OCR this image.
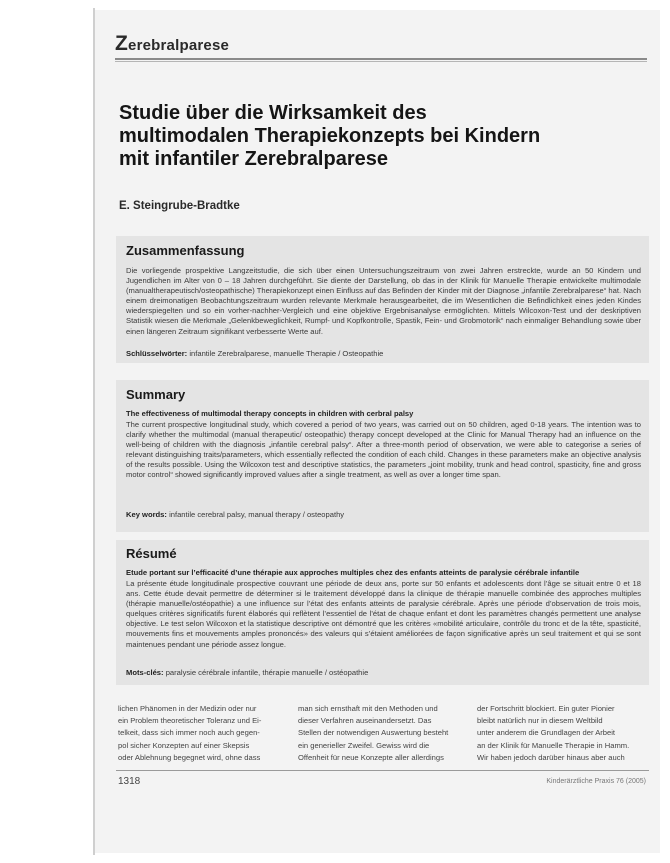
Zerebralparese
Studie über die Wirksamkeit des
multimodalen Therapiekonzepts bei Kindern
mit infantiler Zerebralparese
E. Steingrube-Bradtke
Zusammenfassung
Die vorliegende prospektive Langzeitstudie, die sich über einen Untersuchungszeitraum von zwei Jahren erstreckte, wurde an 50 Kindern und Jugendlichen im Alter von 0 – 18 Jahren durchgeführt. Sie diente der Darstellung, ob das in der Klinik für Manuelle Therapie entwickelte multimodale (manualtherapeutisch/osteopathische) Therapiekonzept einen Einfluss auf das Befinden der Kinder mit der Diagnose „infantile Zerebralparese“ hat. Nach einem dreimonatigen Beobachtungszeitraum wurden relevante Merkmale herausgearbeitet, die im Wesentlichen die Befindlichkeit eines jeden Kindes wiederspiegelten und so ein vorher-nachher-Vergleich und eine objektive Ergebnisanalyse ermöglichten. Mittels Wilcoxon-Test und der deskriptiven Statistik wiesen die Merkmale „Gelenkbeweglichkeit, Rumpf- und Kopfkontrolle, Spastik, Fein- und Grobmotorik“ nach einmaliger Behandlung sowie über einen längeren Zeitraum signifikant verbesserte Werte auf.
Schlüsselwörter: infantile Zerebralparese, manuelle Therapie / Osteopathie
Summary
The effectiveness of multimodal therapy concepts in children with cerbral palsy
The current prospective longitudinal study, which covered a period of two years, was carried out on 50 children, aged 0-18 years. The intention was to clarify whether the multimodal (manual therapeutic/ osteopathic) therapy concept developed at the Clinic for Manual Therapy had an influence on the well-being of children with the diagnosis „infantile cerebral palsy“. After a three-month period of observation, we were able to categorise a series of relevant distinguishing traits/parameters, which essentially reflected the condition of each child. Changes in these parameters make an objective analysis of the results possible. Using the Wilcoxon test and descriptive statistics, the parameters „joint mobility, trunk and head control, spasticity, fine and gross motor control“ showed significantly improved values after a single treatment, as well as over a longer time span.
Key words: infantile cerebral palsy, manual therapy / osteopathy
Résumé
Etude portant sur l’efficacité d’une thérapie aux approches multiples chez des enfants atteints de paralysie cérébrale infantile
La présente étude longitudinale prospective couvrant une période de deux ans, porte sur 50 enfants et adolescents dont l’âge se situait entre 0 et 18 ans. Cette étude devait permettre de déterminer si le traitement développé dans la clinique de thérapie manuelle combinée des approches multiples (thérapie manuelle/ostéopathie) a une influence sur l’état des enfants atteints de paralysie cérébrale. Après une période d’observation de trois mois, quelques critères significatifs furent élaborés qui reflètent l’essentiel de l’état de chaque enfant et dont les paramètres changés permettent une analyse objective. Le test selon Wilcoxon et la statistique descriptive ont démontré que les critères «mobilité articulaire, contrôle du tronc et de la tête, spasticité, mouvements fins et mouvements amples prononcés» des valeurs qui s’étaient améliorées de façon significative après un seul traitement et qui se sont maintenues pendant une période assez longue.
Mots-clés: paralysie cérébrale infantile, thérapie manuelle / ostéopathie
lichen Phänomen in der Medizin oder nur
ein Problem theoretischer Toleranz und Ei-
telkeit, dass sich immer noch auch gegen-
pol sicher Konzepten auf einer Skepsis
oder Ablehnung begegnet wird, ohne dass
man sich ernsthaft mit den Methoden und
dieser Verfahren auseinandersetzt. Das
Stellen der notwendigen Auswertung besteht
ein generieller Zweifel. Gewiss wird die
Offenheit für neue Konzepte aller allerdings
der Fortschritt blockiert. Ein guter Pionier
bleibt natürlich nur in diesem Weltbild
unter anderem die Grundlagen der Arbeit
an der Klinik für Manuelle Therapie in Hamm.
Wir haben jedoch darüber hinaus aber auch
1318	Kinderärztliche Praxis 76 (2005)
